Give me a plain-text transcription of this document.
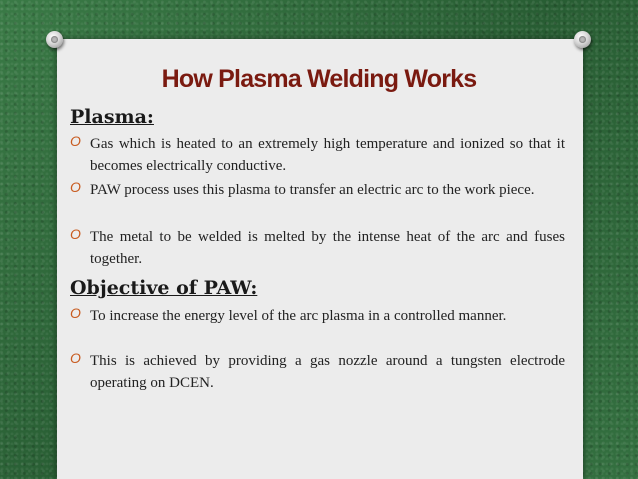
How Plasma Welding Works
Plasma:
O Gas which is heated to an extremely high temperature and ionized so that it becomes electrically conductive.
O PAW process uses this plasma to transfer an electric arc to the work piece.
O The metal to be welded is melted by the intense heat of the arc and fuses together.
Objective of PAW:
O To increase the energy level of the arc plasma in a controlled manner.
O This is achieved by providing a gas nozzle around a tungsten electrode operating on DCEN.
